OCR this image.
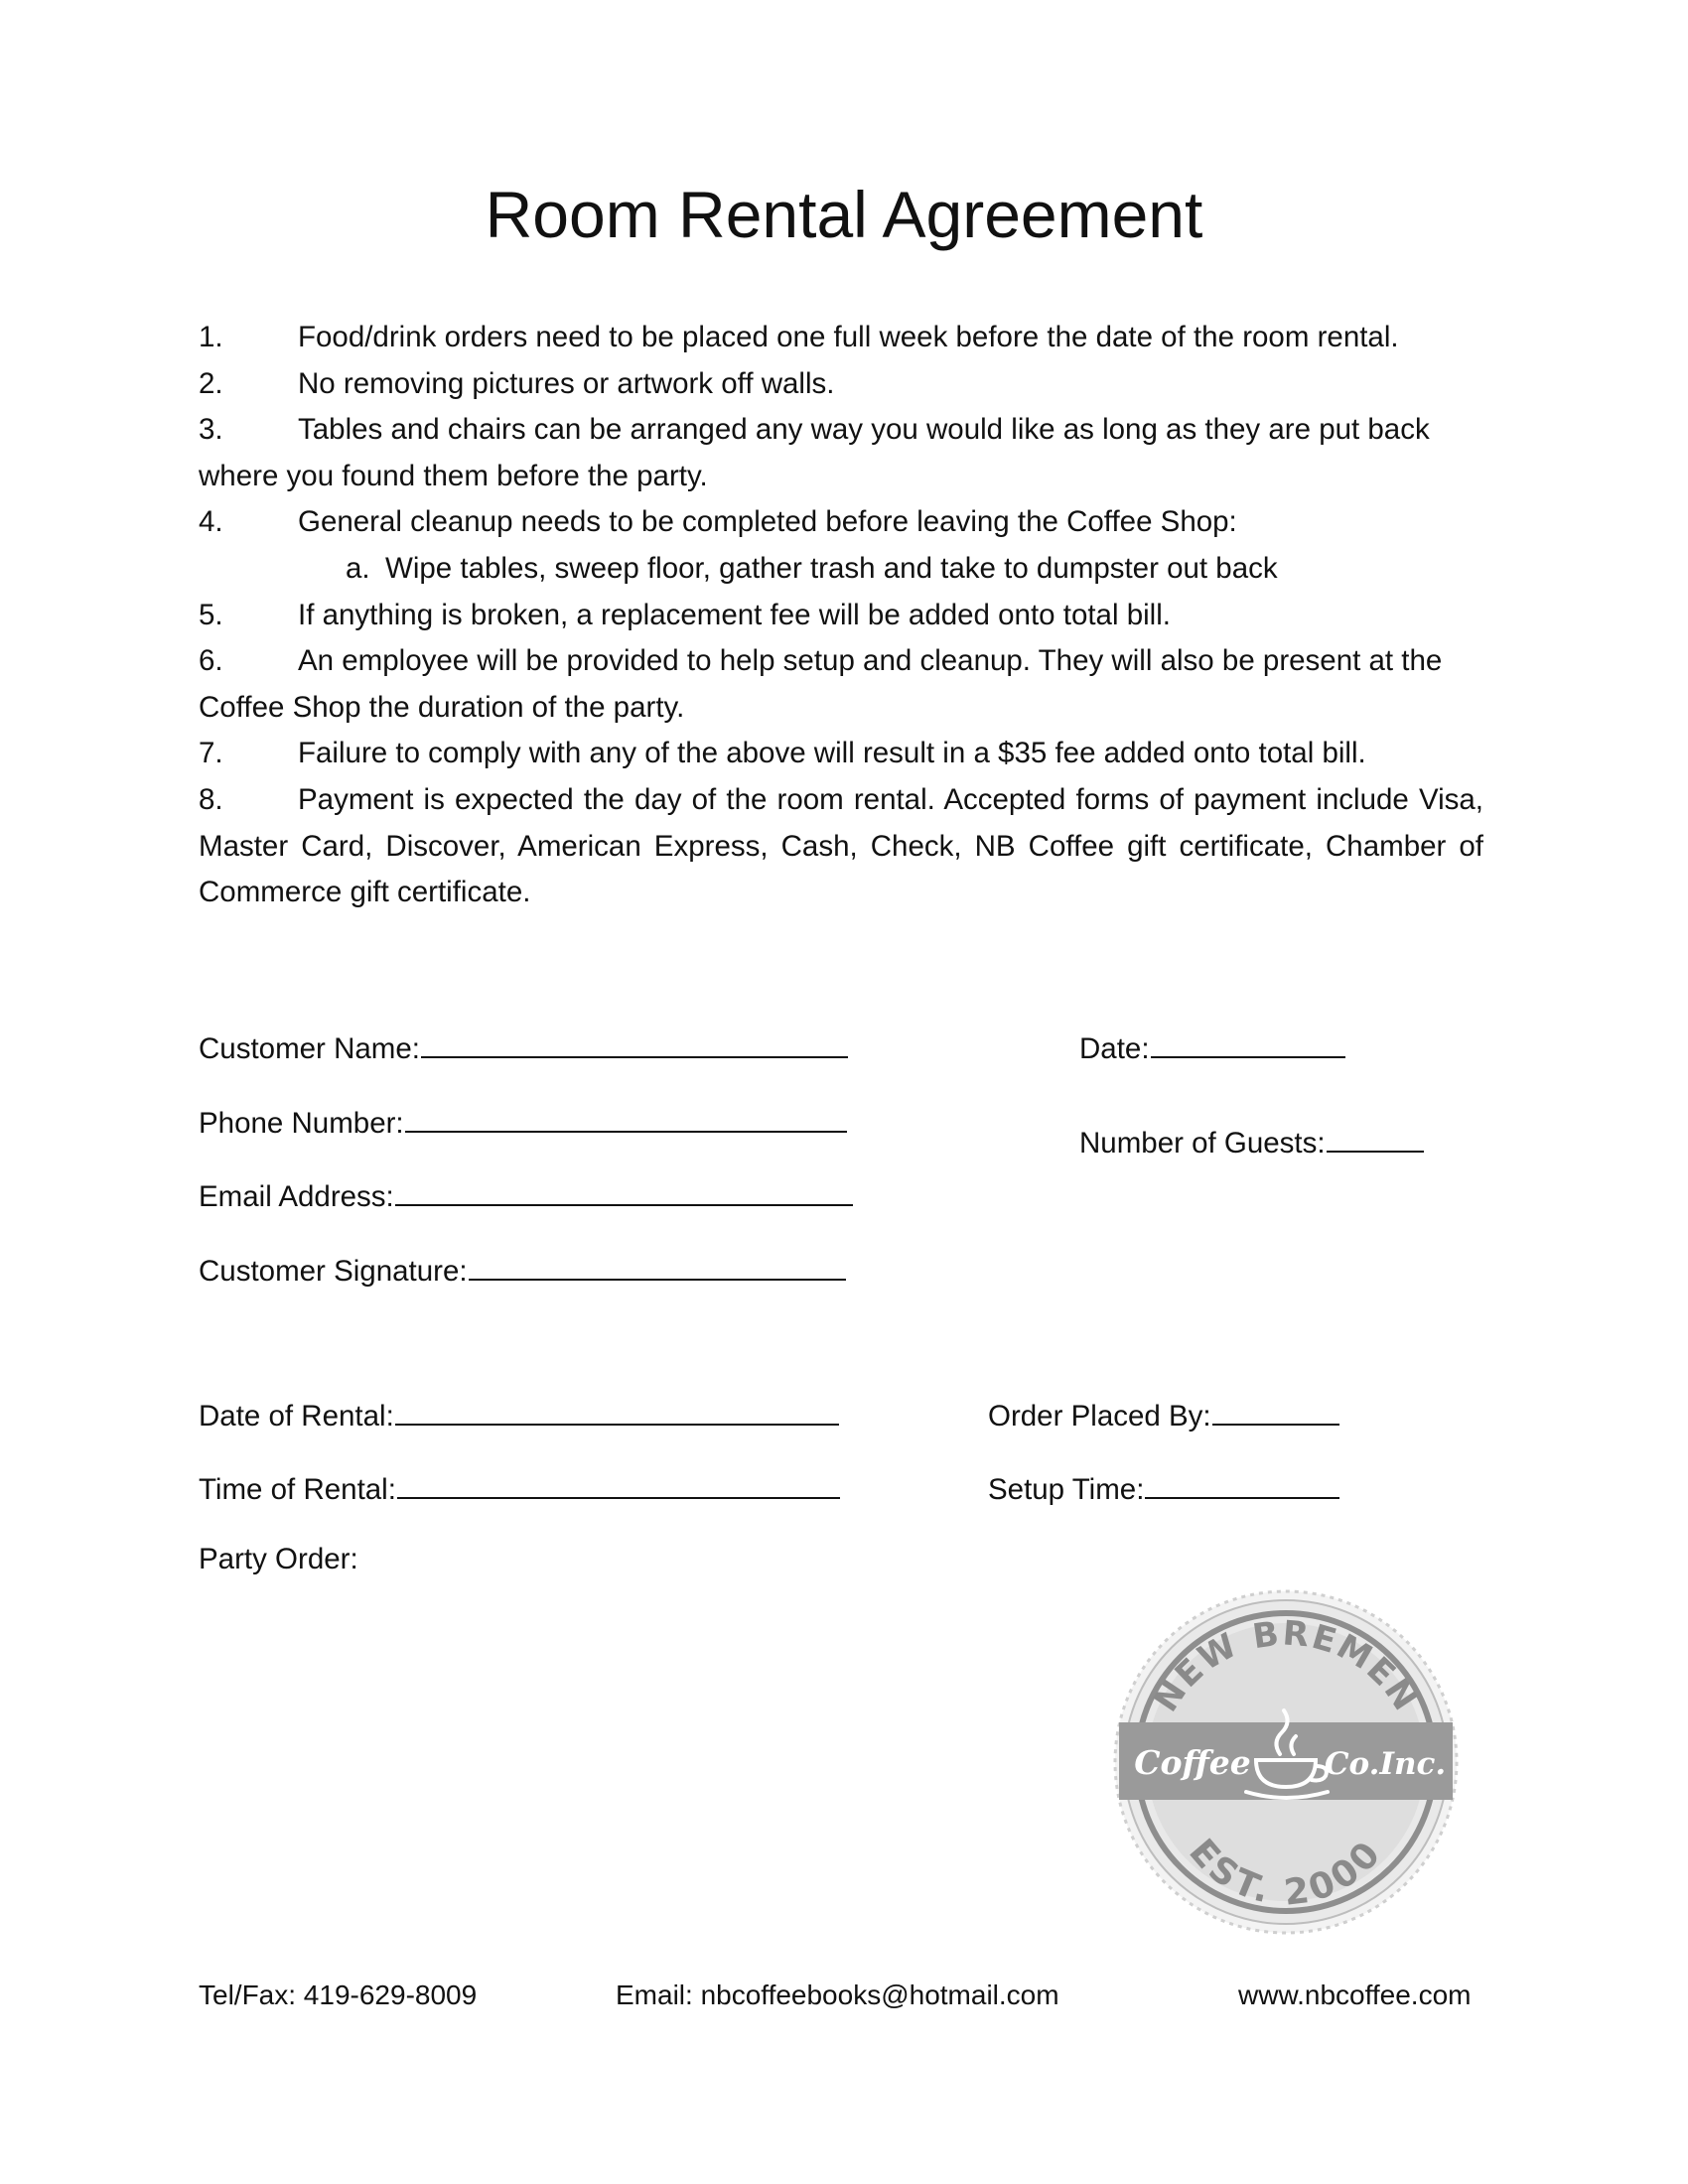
Room Rental Agreement

1.	Food/drink orders need to be placed one full week before the date of the room rental.

2.	No removing pictures or artwork off walls.

3.	Tables and chairs can be arranged any way you would like as long as they are put back where you found them before the party.

4.	General cleanup needs to be completed before leaving the Coffee Shop:

a. Wipe tables, sweep floor, gather trash and take to dumpster out back

5.	If anything is broken, a replacement fee will be added onto total bill.

6.	An employee will be provided to help setup and cleanup. They will also be present at the Coffee Shop the duration of the party.

7.	Failure to comply with any of the above will result in a $35 fee added onto total bill.

8.	Payment is expected the day of the room rental. Accepted forms of payment include Visa, Master Card, Discover, American Express, Cash, Check, NB Coffee gift certificate, Chamber of Commerce gift certificate.

Customer Name:	Date:
Phone Number:
Number of Guests:
Email Address:
Customer Signature:
Date of Rental:	Order Placed By:
Time of Rental:	Setup Time:
Party Order:
NEW BREMEN
EST. 2000
Coffee Co.Inc.
Tel/Fax: 419-629-8009	Email: nbcoffeebooks@hotmail.com	www.nbcoffee.com
